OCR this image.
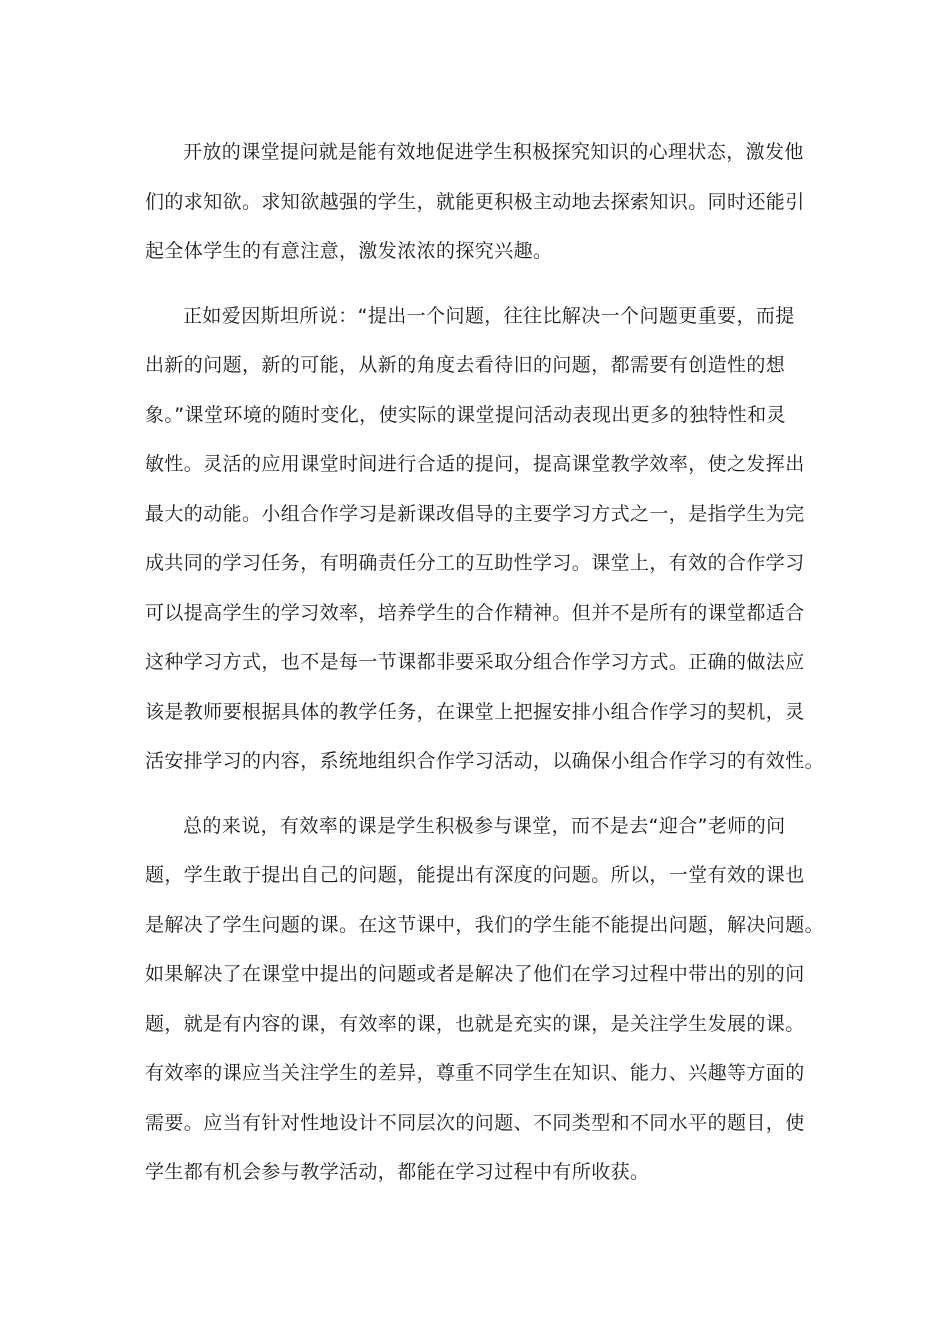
开放的课堂提问就是能有效地促进学生积极探究知识的心理状态，激发他
们的求知欲。求知欲越强的学生，就能更积极主动地去探索知识。同时还能引
起全体学生的有意注意，激发浓浓的探究兴趣。
正如爱因斯坦所说：“提出一个问题，往往比解决一个问题更重要，而提
出新的问题，新的可能，从新的角度去看待旧的问题，都需要有创造性的想
象。”课堂环境的随时变化，使实际的课堂提问活动表现出更多的独特性和灵
敏性。灵活的应用课堂时间进行合适的提问，提高课堂教学效率，使之发挥出
最大的动能。小组合作学习是新课改倡导的主要学习方式之一，是指学生为完
成共同的学习任务，有明确责任分工的互助性学习。课堂上，有效的合作学习
可以提高学生的学习效率，培养学生的合作精神。但并不是所有的课堂都适合
这种学习方式，也不是每一节课都非要采取分组合作学习方式。正确的做法应
该是教师要根据具体的教学任务，在课堂上把握安排小组合作学习的契机，灵
活安排学习的内容，系统地组织合作学习活动，以确保小组合作学习的有效性。
总的来说，有效率的课是学生积极参与课堂，而不是去“迎合”老师的问
题，学生敢于提出自己的问题，能提出有深度的问题。所以，一堂有效的课也
是解决了学生问题的课。在这节课中，我们的学生能不能提出问题，解决问题。
如果解决了在课堂中提出的问题或者是解决了他们在学习过程中带出的别的问
题，就是有内容的课，有效率的课，也就是充实的课，是关注学生发展的课。
有效率的课应当关注学生的差异，尊重不同学生在知识、能力、兴趣等方面的
需要。应当有针对性地设计不同层次的问题、不同类型和不同水平的题目，使
学生都有机会参与教学活动，都能在学习过程中有所收获。
